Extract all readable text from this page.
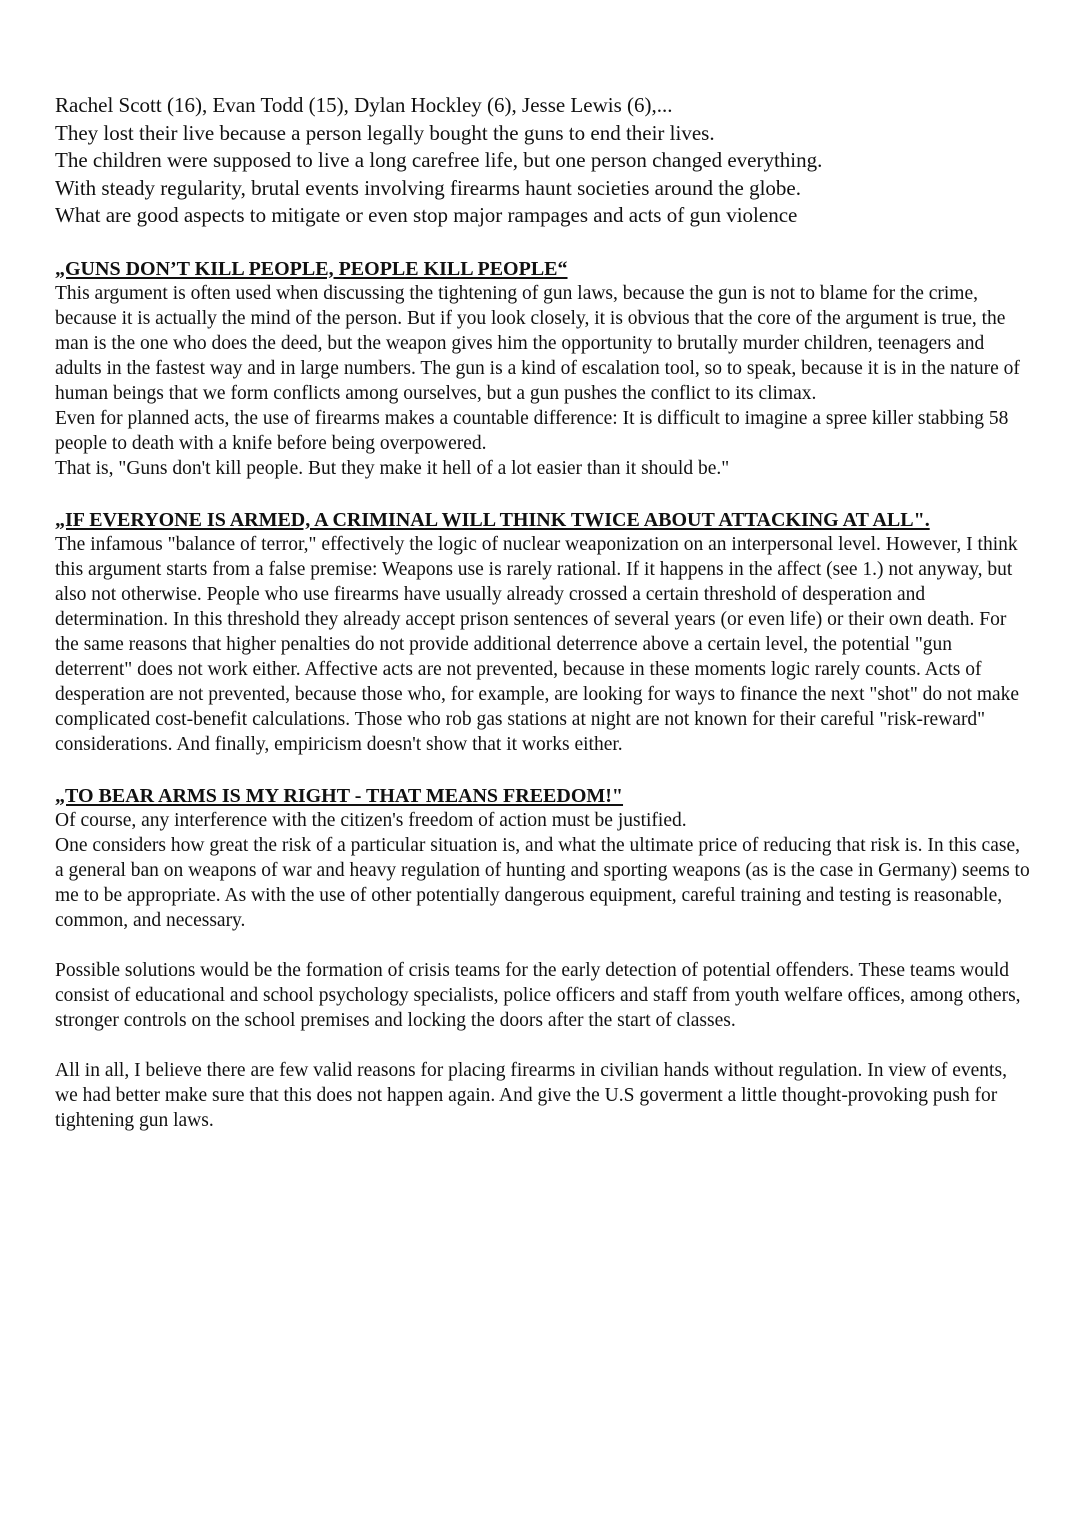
Rachel Scott (16), Evan Todd (15), Dylan Hockley (6), Jesse Lewis (6),...
They lost their live because a person legally bought the guns to end their lives.
The children were supposed to live a long carefree life, but one person changed everything.
With steady regularity, brutal events involving firearms haunt societies around the globe.
What are good aspects to mitigate or even stop major rampages and acts of gun violence

„GUNS DON’T KILL PEOPLE, PEOPLE KILL PEOPLE“

This argument is often used when discussing the tightening of gun laws, because the gun is not to blame for the crime, because it is actually the mind of the person. But if you look closely, it is obvious that the core of the argument is true, the man is the one who does the deed, but the weapon gives him the opportunity to brutally murder children, teenagers and adults in the fastest way and in large numbers. The gun is a kind of escalation tool, so to speak, because it is in the nature of human beings that we form conflicts among ourselves, but a gun pushes the conflict to its climax.

Even for planned acts, the use of firearms makes a countable difference: It is difficult to imagine a spree killer stabbing 58 people to death with a knife before being overpowered.

That is, "Guns don't kill people. But they make it hell of a lot easier than it should be."

„IF EVERYONE IS ARMED, A CRIMINAL WILL THINK TWICE ABOUT ATTACKING AT ALL".

The infamous "balance of terror," effectively the logic of nuclear weaponization on an interpersonal level. However, I think this argument starts from a false premise: Weapons use is rarely rational. If it happens in the affect (see 1.) not anyway, but also not otherwise. People who use firearms have usually already crossed a certain threshold of desperation and determination. In this threshold they already accept prison sentences of several years (or even life) or their own death. For the same reasons that higher penalties do not provide additional deterrence above a certain level, the potential "gun deterrent" does not work either. Affective acts are not prevented, because in these moments logic rarely counts. Acts of desperation are not prevented, because those who, for example, are looking for ways to finance the next "shot" do not make complicated cost-benefit calculations. Those who rob gas stations at night are not known for their careful "risk-reward" considerations. And finally, empiricism doesn't show that it works either.

„TO BEAR ARMS IS MY RIGHT - THAT MEANS FREEDOM!"

Of course, any interference with the citizen's freedom of action must be justified.

One considers how great the risk of a particular situation is, and what the ultimate price of reducing that risk is. In this case, a general ban on weapons of war and heavy regulation of hunting and sporting weapons (as is the case in Germany) seems to me to be appropriate. As with the use of other potentially dangerous equipment, careful training and testing is reasonable, common, and necessary.

Possible solutions would be the formation of crisis teams for the early detection of potential offenders. These teams would consist of educational and school psychology specialists, police officers and staff from youth welfare offices, among others, stronger controls on the school premises and locking the doors after the start of classes.

All in all, I believe there are few valid reasons for placing firearms in civilian hands without regulation. In view of events, we had better make sure that this does not happen again. And give the U.S goverment a little thought-provoking push for tightening gun laws.
